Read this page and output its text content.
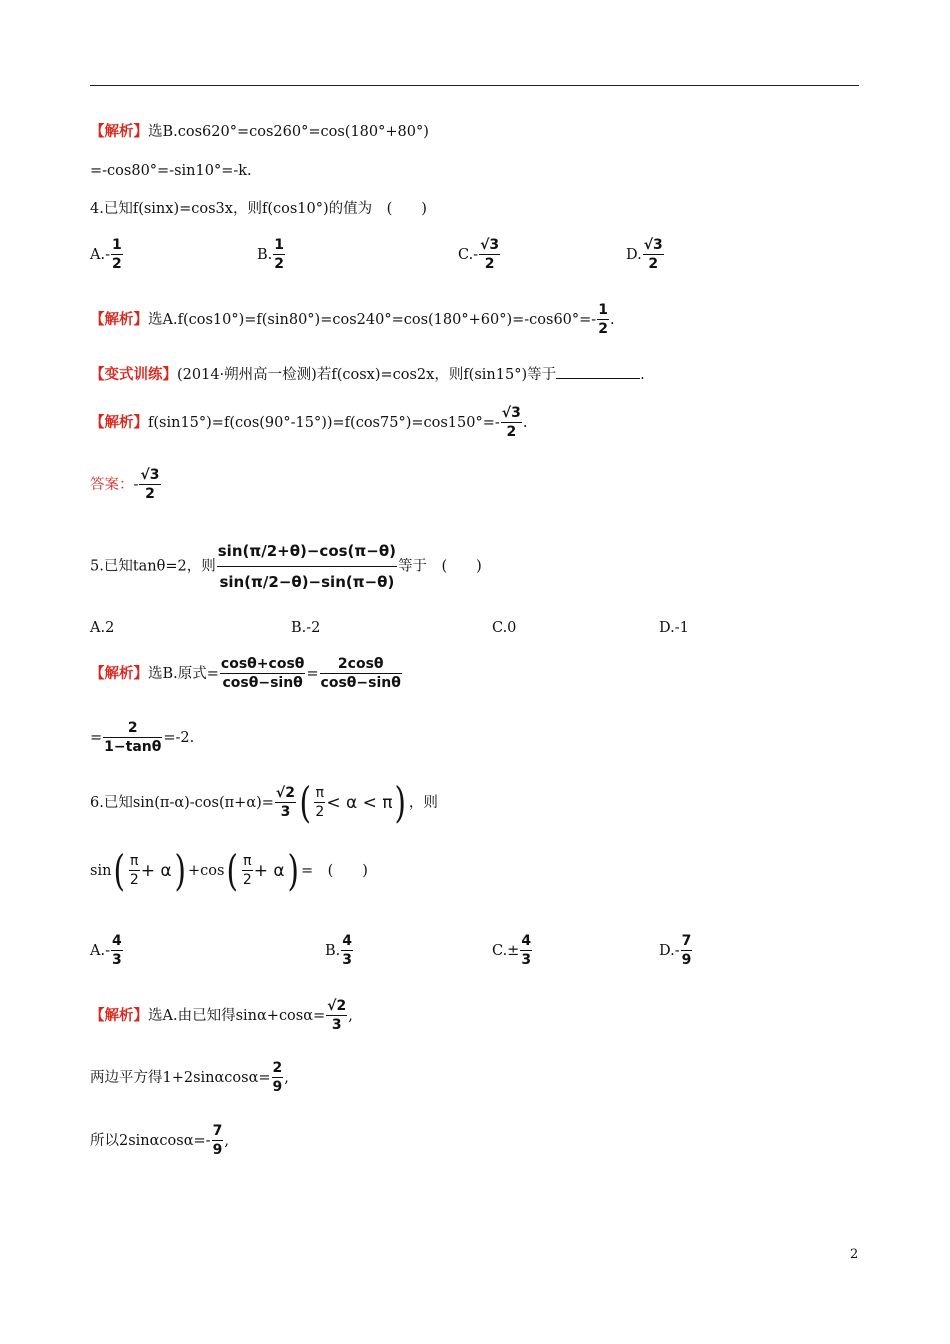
【解析】选B.cos620°=cos260°=cos(180°+80°)
=-cos80°=-sin10°=-k.
4.已知f(sinx)=cos3x，则f(cos10°)的值为　(　　)
$A.- \frac{1}{2}$	B. $\frac{1}{2}$	$C.- \frac{√3}{2}$	D. $\frac{√3}{2}$
【解析】选$A.f(\cos 10^\circ)=f(\sin 80^\circ)=\cos 240^\circ=\cos(180^\circ+60^\circ)=-\cos 60^\circ=- \frac{1}{2}$ .
【变式训练】(2014·朔州高一检测)若f(cosx)=cos2x，则f(sin15°)等于	.
【解析】$f(\sin 15^\circ)=f(\cos(90^\circ-15^\circ))=f(\cos 75^\circ)=\cos 150^\circ=- \frac{√3}{2}$ .
答案：- $\frac{√3}{2}$
5.已知tanθ=2，则 $\frac{\sin(\pi/2+\theta)-\cos(\pi-\theta)}{\sin(\pi/2-\theta)-\sin(\pi-\theta)}$ 等于　(　　)
A.2	B.-2	C.0	D.-1
【解析】选B.原式= $\frac{\cos\theta+\cos\theta}{\cos\theta-\sin\theta} = \frac{2\cos\theta}{\cos\theta-\sin\theta}$
= $\frac{2}{1-\tan\theta} =-2$.
6.已知$\sin(\pi-\alpha)-\cos(\pi+\alpha)= \frac{√2}{3}$ ( $\frac{\pi}{2} < \alpha < \pi$) ，则
$\sin( \frac{\pi}{2} + \alpha) +\cos( \frac{\pi}{2} + \alpha)$ =　(　　)
$A.- \frac{4}{3}$	B. $\frac{4}{3}$	$C.\pm \frac{4}{3}$	$D.- \frac{7}{9}$
【解析】选A.由已知得$\sin\alpha+\cos\alpha= \frac{√2}{3}$ ,
两边平方得$1+2\sin\alpha\cos\alpha= \frac{2}{9}$ ,
所以$2\sin\alpha\cos\alpha=- \frac{7}{9}$ ,
2
